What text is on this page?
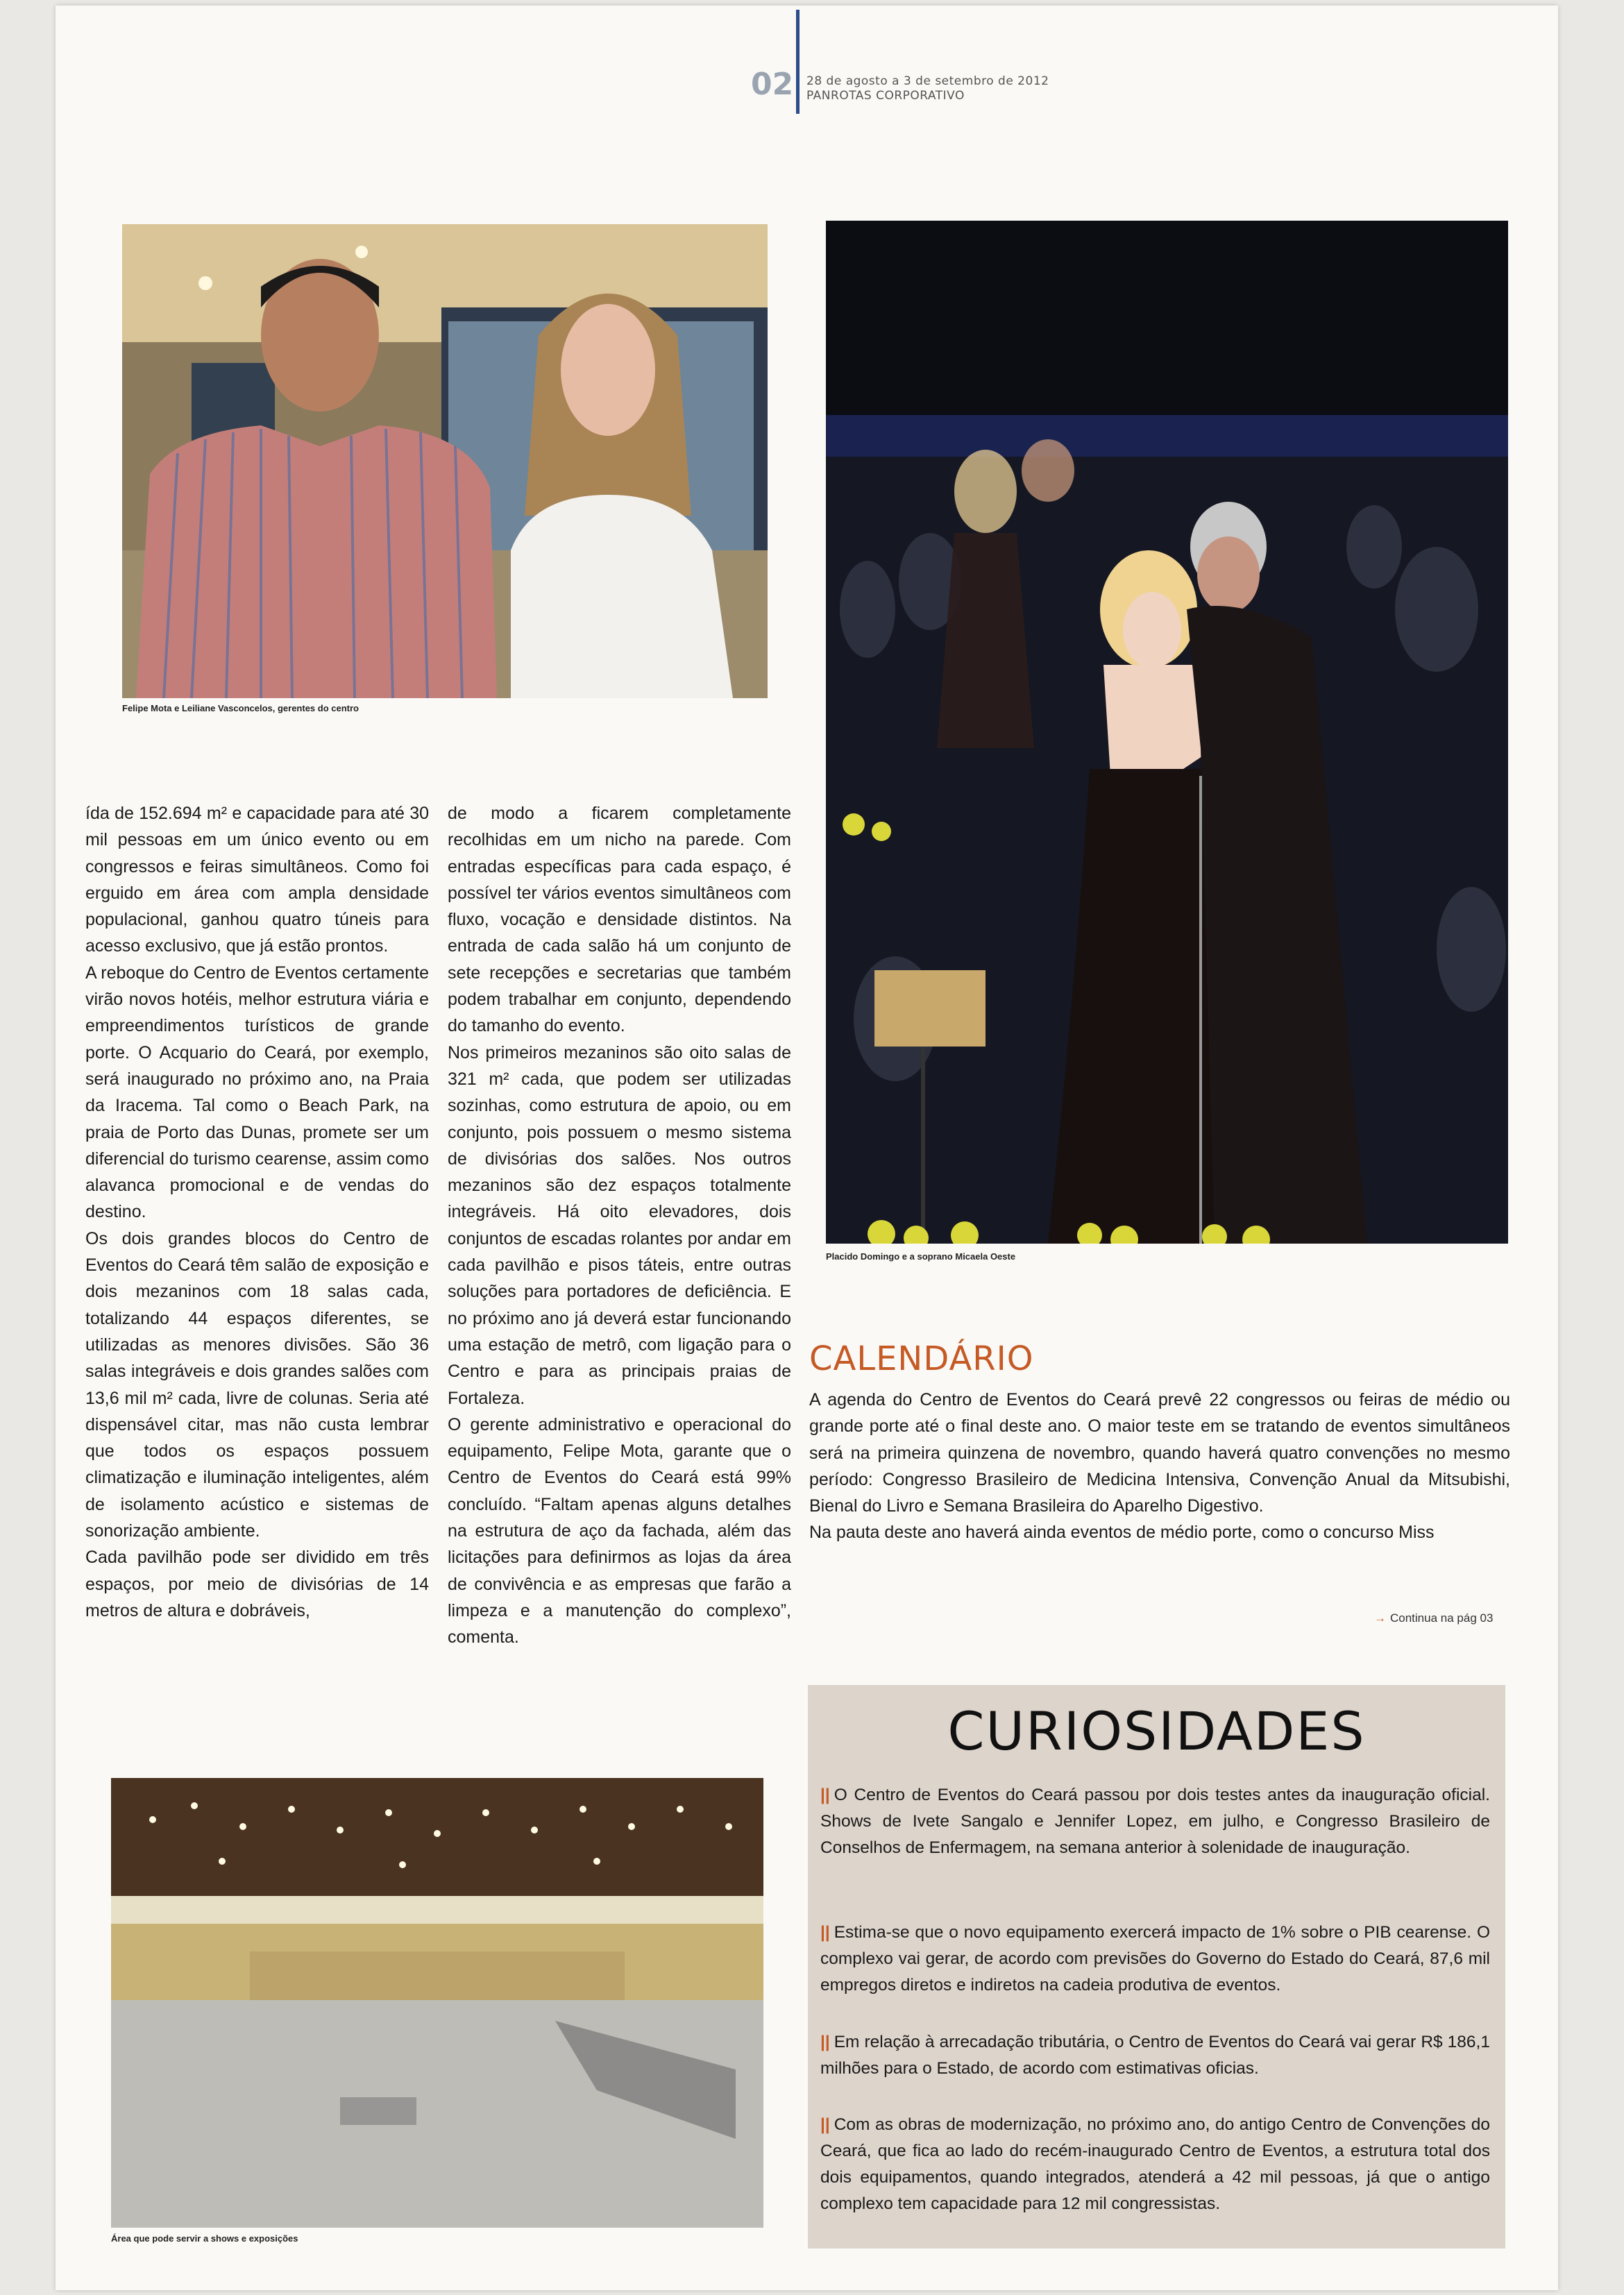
02 28 de agosto a 3 de setembro de 2012
PANROTAS CORPORATIVO
Felipe Mota e Leiliane Vasconcelos, gerentes do centro
Placido Domingo e a soprano Micaela Oeste

ída de 152.694 m² e capacidade para até 30 mil pessoas em um único evento ou em congressos e feiras simultâneos. Como foi erguido em área com ampla densidade populacional, ganhou quatro túneis para acesso exclusivo, que já estão prontos.

A reboque do Centro de Eventos certamente virão novos hotéis, melhor estrutura viária e empreendimentos turísticos de grande porte. O Acquario do Ceará, por exemplo, será inaugurado no próximo ano, na Praia da Iracema. Tal como o Beach Park, na praia de Porto das Dunas, promete ser um diferencial do turismo cearense, assim como alavanca promocional e de vendas do destino.

Os dois grandes blocos do Centro de Eventos do Ceará têm salão de exposição e dois mezaninos com 18 salas cada, totalizando 44 espaços diferentes, se utilizadas as menores divisões. São 36 salas integráveis e dois grandes salões com 13,6 mil m² cada, livre de colunas. Seria até dispensável citar, mas não custa lembrar que todos os espaços possuem climatização e iluminação inteligentes, além de isolamento acústico e sistemas de sonorização ambiente.

Cada pavilhão pode ser dividido em três espaços, por meio de divisórias de 14 metros de altura e dobráveis,

de modo a ficarem completamente recolhidas em um nicho na parede. Com entradas específicas para cada espaço, é possível ter vários eventos simultâneos com fluxo, vocação e densidade distintos. Na entrada de cada salão há um conjunto de sete recepções e secretarias que também podem trabalhar em conjunto, dependendo do tamanho do evento.

Nos primeiros mezaninos são oito salas de 321 m² cada, que podem ser utilizadas sozinhas, como estrutura de apoio, ou em conjunto, pois possuem o mesmo sistema de divisórias dos salões. Nos outros mezaninos são dez espaços totalmente integráveis. Há oito elevadores, dois conjuntos de escadas rolantes por andar em cada pavilhão e pisos táteis, entre outras soluções para portadores de deficiência. E no próximo ano já deverá estar funcionando uma estação de metrô, com ligação para o Centro e para as principais praias de Fortaleza.

O gerente administrativo e operacional do equipamento, Felipe Mota, garante que o Centro de Eventos do Ceará está 99% concluído. “Faltam apenas alguns detalhes na estrutura de aço da fachada, além das licitações para definirmos as lojas da área de convivência e as empresas que farão a limpeza e a manutenção do complexo”, comenta.

CALENDÁRIO

A agenda do Centro de Eventos do Ceará prevê 22 congressos ou feiras de médio ou grande porte até o final deste ano. O maior teste em se tratando de eventos simultâneos será na primeira quinzena de novembro, quando haverá quatro convenções no mesmo período: Congresso Brasileiro de Medicina Intensiva, Convenção Anual da Mitsubishi, Bienal do Livro e Semana Brasileira do Aparelho Digestivo.

Na pauta deste ano haverá ainda eventos de médio porte, como o concurso Miss

→ Continua na pág 03
Área que pode servir a shows e exposições
CURIOSIDADES
|| O Centro de Eventos do Ceará passou por dois testes antes da inauguração oficial. Shows de Ivete Sangalo e Jennifer Lopez, em julho, e Congresso Brasileiro de Conselhos de Enfermagem, na semana anterior à solenidade de inauguração.
|| Estima-se que o novo equipamento exercerá impacto de 1% sobre o PIB cearense. O complexo vai gerar, de acordo com previsões do Governo do Estado do Ceará, 87,6 mil empregos diretos e indiretos na cadeia produtiva de eventos.
|| Em relação à arrecadação tributária, o Centro de Eventos do Ceará vai gerar R$ 186,1 milhões para o Estado, de acordo com estimativas oficias.
|| Com as obras de modernização, no próximo ano, do antigo Centro de Convenções do Ceará, que fica ao lado do recém-inaugurado Centro de Eventos, a estrutura total dos dois equipamentos, quando integrados, atenderá a 42 mil pessoas, já que o antigo complexo tem capacidade para 12 mil congressistas.
